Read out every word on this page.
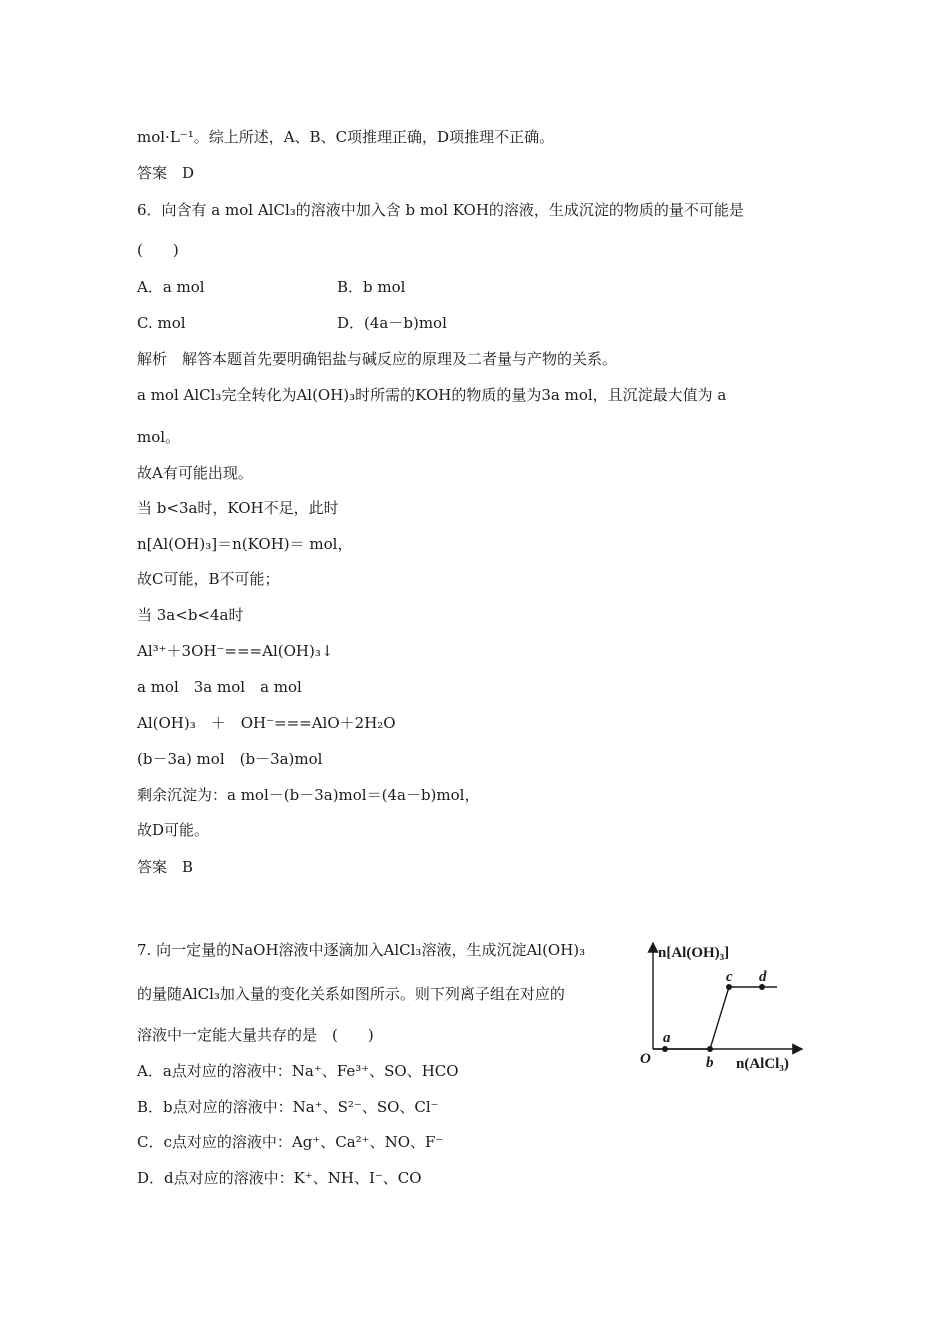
mol·L⁻¹。综上所述，A、B、C项推理正确，D项推理不正确。
答案　D
6．向含有 a mol AlCl₃的溶液中加入含 b mol KOH的溶液，生成沉淀的物质的量不可能是
(　　)
A．a mol	B．b mol
C. mol	D．(4a－b)mol
解析　解答本题首先要明确铝盐与碱反应的原理及二者量与产物的关系。
a mol AlCl₃完全转化为Al(OH)₃时所需的KOH的物质的量为3a mol，且沉淀最大值为 a
mol。
故A有可能出现。
当 b<3a时，KOH不足，此时
n[Al(OH)₃]＝n(KOH)＝ mol，
故C可能，B不可能；
当 3a<b<4a时
Al³⁺＋3OH⁻===Al(OH)₃↓
a mol　3a mol　a mol
Al(OH)₃　＋　OH⁻===AlO＋2H₂O
(b－3a) mol　(b－3a)mol
剩余沉淀为：a mol－(b－3a)mol＝(4a－b)mol，
故D可能。
答案　B
7. 向一定量的NaOH溶液中逐滴加入AlCl₃溶液，生成沉淀Al(OH)₃
的量随AlCl₃加入量的变化关系如图所示。则下列离子组在对应的
溶液中一定能大量共存的是　(　　)
A．a点对应的溶液中：Na⁺、Fe³⁺、SO、HCO
B．b点对应的溶液中：Na⁺、S²⁻、SO、Cl⁻
C．c点对应的溶液中：Ag⁺、Ca²⁺、NO、F⁻
D．d点对应的溶液中：K⁺、NH、I⁻、CO
n[Al(OH)₃]
n(AlCl₃)
O
a
b
c d
